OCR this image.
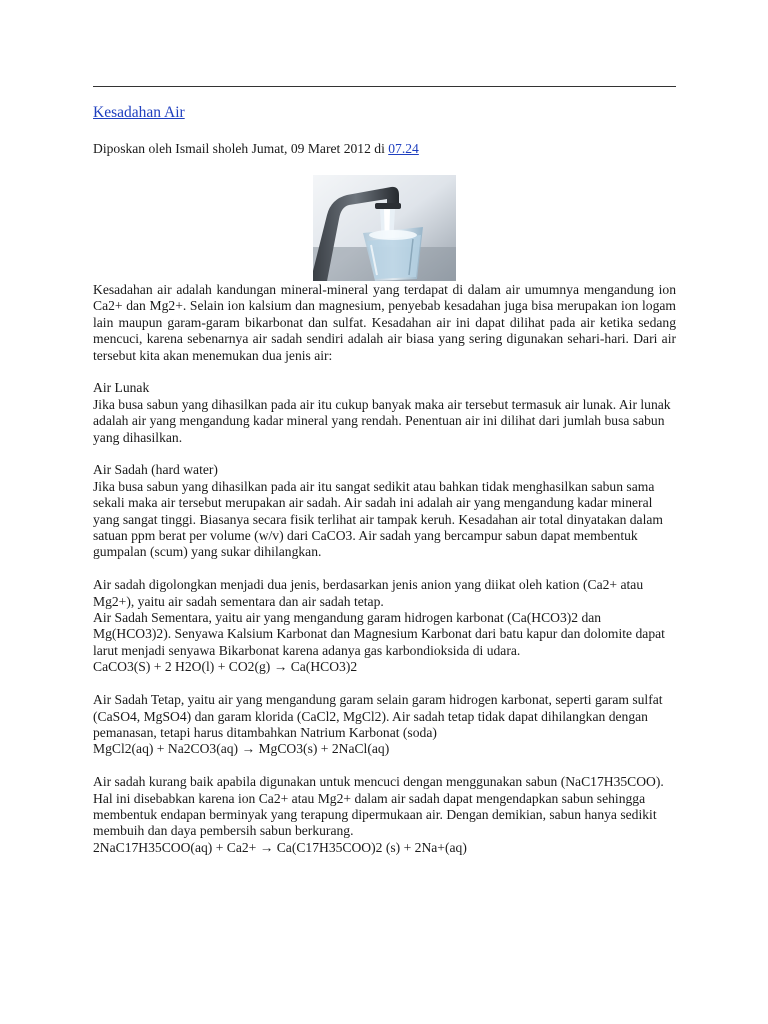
Kesadahan Air
Diposkan oleh Ismail sholeh Jumat, 09 Maret 2012 di 07.24

Kesadahan air adalah kandungan mineral-mineral yang terdapat di dalam air umumnya mengandung ion Ca2+ dan Mg2+. Selain ion kalsium dan magnesium, penyebab kesadahan juga bisa merupakan ion logam lain maupun garam-garam bikarbonat dan sulfat. Kesadahan air ini dapat dilihat pada air ketika sedang mencuci, karena sebenarnya air sadah sendiri adalah air biasa yang sering digunakan sehari-hari. Dari air tersebut kita akan menemukan dua jenis air:

Air Lunak

Jika busa sabun yang dihasilkan pada air itu cukup banyak maka air tersebut termasuk air lunak. Air lunak adalah air yang mengandung kadar mineral yang rendah. Penentuan air ini dilihat dari jumlah busa sabun yang dihasilkan.

Air Sadah (hard water)

Jika busa sabun yang dihasilkan pada air itu sangat sedikit atau bahkan tidak menghasilkan sabun sama sekali maka air tersebut merupakan air sadah. Air sadah ini adalah air yang mengandung kadar mineral yang sangat tinggi. Biasanya secara fisik terlihat air tampak keruh. Kesadahan air total dinyatakan dalam satuan ppm berat per volume (w/v) dari CaCO3. Air sadah yang bercampur sabun dapat membentuk gumpalan (scum) yang sukar dihilangkan.

Air sadah digolongkan menjadi dua jenis, berdasarkan jenis anion yang diikat oleh kation (Ca2+ atau Mg2+), yaitu air sadah sementara dan air sadah tetap.

Air Sadah Sementara, yaitu air yang mengandung garam hidrogen karbonat (Ca(HCO3)2 dan Mg(HCO3)2). Senyawa Kalsium Karbonat dan Magnesium Karbonat dari batu kapur dan dolomite dapat larut menjadi senyawa Bikarbonat karena adanya gas karbondioksida di udara.

CaCO3(S) + 2 H2O(l) + CO2(g) → Ca(HCO3)2

Air Sadah Tetap, yaitu air yang mengandung garam selain garam hidrogen karbonat, seperti garam sulfat (CaSO4, MgSO4) dan garam klorida (CaCl2, MgCl2). Air sadah tetap tidak dapat dihilangkan dengan pemanasan, tetapi harus ditambahkan Natrium Karbonat (soda)

MgCl2(aq) + Na2CO3(aq) → MgCO3(s) + 2NaCl(aq)

Air sadah kurang baik apabila digunakan untuk mencuci dengan menggunakan sabun (NaC17H35COO). Hal ini disebabkan karena ion Ca2+ atau Mg2+ dalam air sadah dapat mengendapkan sabun sehingga membentuk endapan berminyak yang terapung dipermukaan air. Dengan demikian, sabun hanya sedikit membuih dan daya pembersih sabun berkurang.

2NaC17H35COO(aq) + Ca2+ → Ca(C17H35COO)2 (s) + 2Na+(aq)
